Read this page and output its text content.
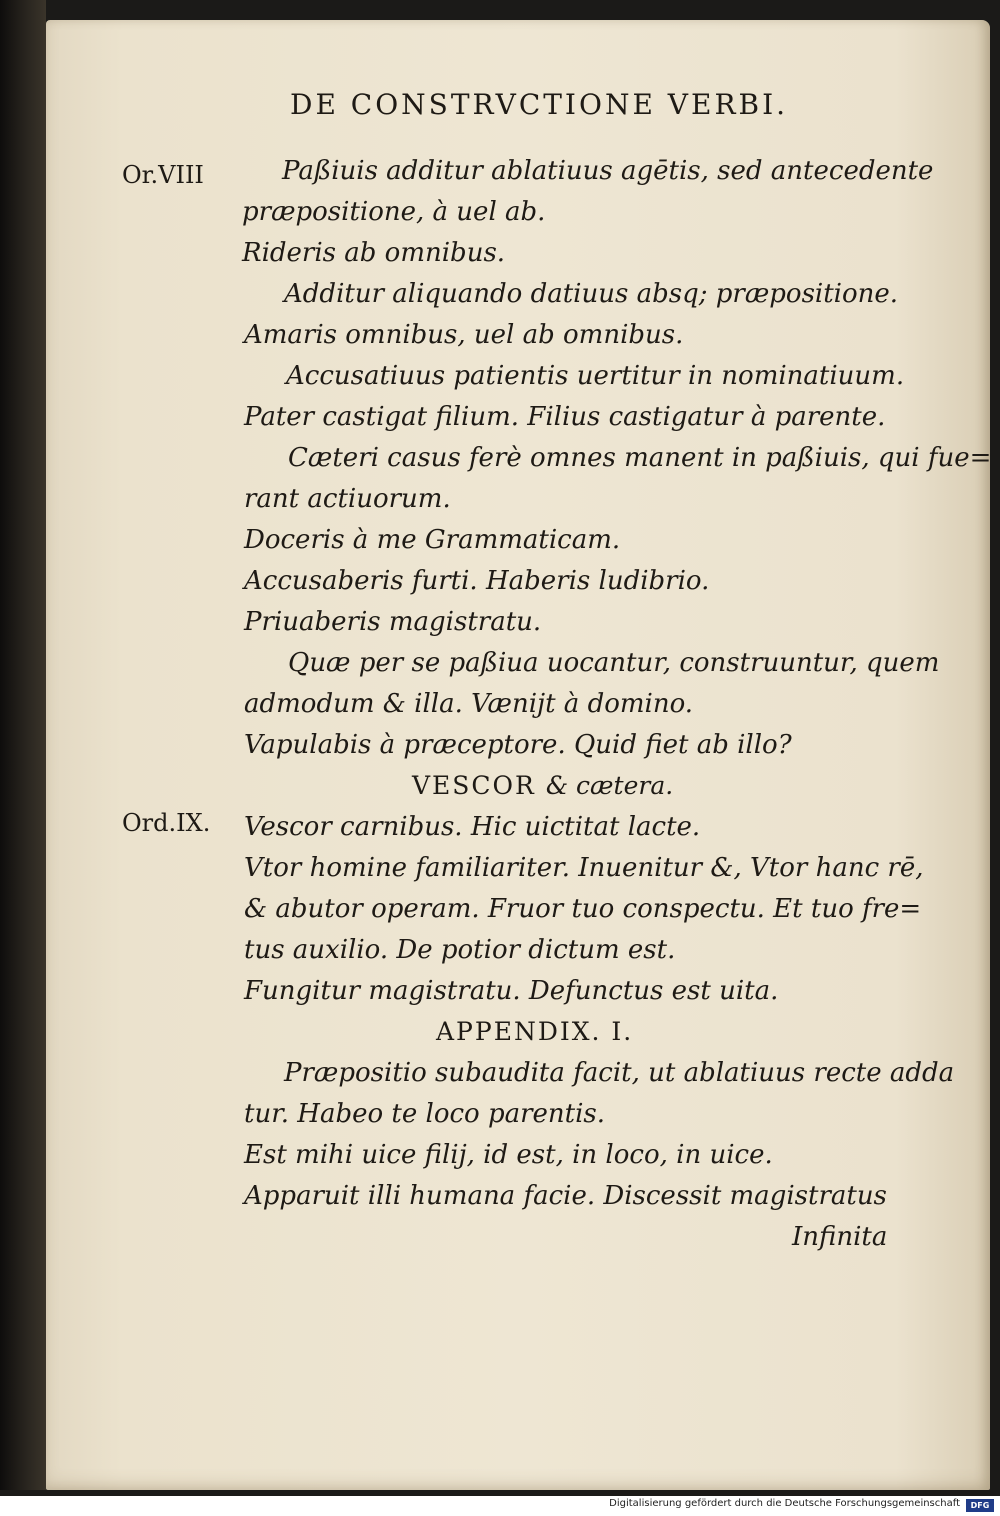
DE CONSTRVCTIONE VERBI.
Or.VIII
Ord.IX.
Paßiuis additur ablatiuus agētis, sed antecedente
præpositione, à uel ab.
Rideris ab omnibus.
Additur aliquando datiuus absq; præpositione.
Amaris omnibus, uel ab omnibus.
Accusatiuus patientis uertitur in nominatiuum.
Pater castigat filium. Filius castigatur à parente.
Cæteri casus ferè omnes manent in paßiuis, qui fue=
rant actiuorum.
Doceris à me Grammaticam.
Accusaberis furti. Haberis ludibrio.
Priuaberis magistratu.
Quæ per se paßiua uocantur, construuntur, quem
admodum & illa. Vænijt à domino.
Vapulabis à præceptore. Quid fiet ab illo?
VESCOR & cætera.
Vescor carnibus. Hic uictitat lacte.
Vtor homine familiariter. Inuenitur &, Vtor hanc rē,
& abutor operam. Fruor tuo conspectu. Et tuo fre=
tus auxilio. De potior dictum est.
Fungitur magistratu. Defunctus est uita.
APPENDIX. I.
Præpositio subaudita facit, ut ablatiuus recte adda
tur. Habeo te loco parentis.
Est mihi uice filij, id est, in loco, in uice.
Apparuit illi humana facie. Discessit magistratus
Infinita
Digitalisierung gefördert durch die Deutsche Forschungsgemeinschaft	DFG
